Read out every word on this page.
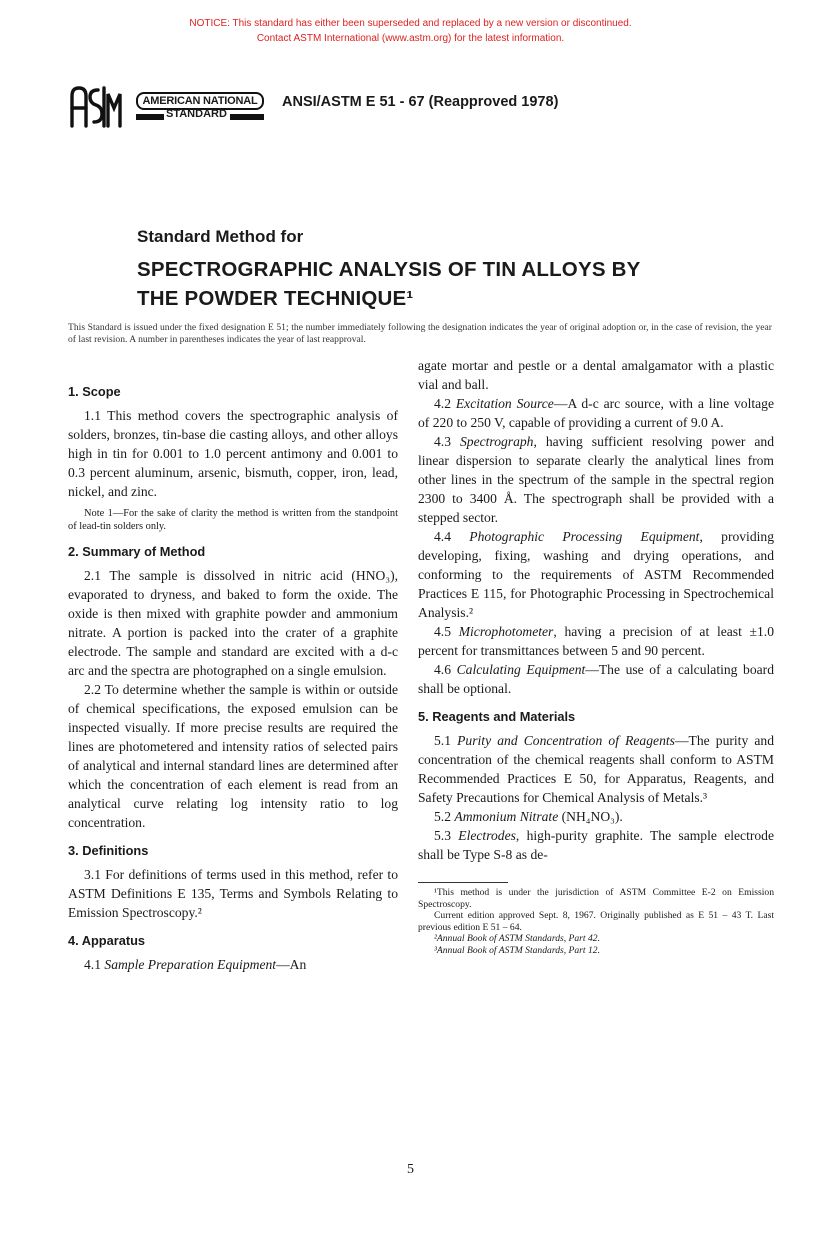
NOTICE: This standard has either been superseded and replaced by a new version or discontinued.
Contact ASTM International (www.astm.org) for the latest information.
AMERICAN NATIONAL
STANDARD
ANSI/ASTM E 51 - 67 (Reapproved 1978)

Standard Method for

SPECTROGRAPHIC ANALYSIS OF TIN ALLOYS BY

THE POWDER TECHNIQUE¹

This Standard is issued under the fixed designation E 51; the number immediately following the designation indicates the year of original adoption or, in the case of revision, the year of last revision. A number in parentheses indicates the year of last reapproval.
1. Scope

1.1 This method covers the spectrographic analysis of solders, bronzes, tin-base die casting alloys, and other alloys high in tin for 0.001 to 1.0 percent antimony and 0.001 to 0.3 percent aluminum, arsenic, bismuth, copper, iron, lead, nickel, and zinc.

Note 1—For the sake of clarity the method is written from the standpoint of lead-tin solders only.

2. Summary of Method

2.1 The sample is dissolved in nitric acid (HNO₃), evaporated to dryness, and baked to form the oxide. The oxide is then mixed with graphite powder and ammonium nitrate. A portion is packed into the crater of a graphite electrode. The sample and standard are excited with a d-c arc and the spectra are photographed on a single emulsion.

2.2 To determine whether the sample is within or outside of chemical specifications, the exposed emulsion can be inspected visually. If more precise results are required the lines are photometered and intensity ratios of selected pairs of analytical and internal standard lines are determined after which the concentration of each element is read from an analytical curve relating log intensity ratio to log concentration.

3. Definitions

3.1 For definitions of terms used in this method, refer to ASTM Definitions E 135, Terms and Symbols Relating to Emission Spectroscopy.²

4. Apparatus

4.1 Sample Preparation Equipment—An

agate mortar and pestle or a dental amalgamator with a plastic vial and ball.

4.2 Excitation Source—A d-c arc source, with a line voltage of 220 to 250 V, capable of providing a current of 9.0 A.

4.3 Spectrograph, having sufficient resolving power and linear dispersion to separate clearly the analytical lines from other lines in the spectrum of the sample in the spectral region 2300 to 3400 Å. The spectrograph shall be provided with a stepped sector.

4.4 Photographic Processing Equipment, providing developing, fixing, washing and drying operations, and conforming to the requirements of ASTM Recommended Practices E 115, for Photographic Processing in Spectrochemical Analysis.²

4.5 Microphotometer, having a precision of at least ±1.0 percent for transmittances between 5 and 90 percent.

4.6 Calculating Equipment—The use of a calculating board shall be optional.

5. Reagents and Materials

5.1 Purity and Concentration of Reagents—The purity and concentration of the chemical reagents shall conform to ASTM Recommended Practices E 50, for Apparatus, Reagents, and Safety Precautions for Chemical Analysis of Metals.³

5.2 Ammonium Nitrate (NH₄NO₃).

5.3 Electrodes, high-purity graphite. The sample electrode shall be Type S-8 as de-

¹This method is under the jurisdiction of ASTM Committee E-2 on Emission Spectroscopy.

Current edition approved Sept. 8, 1967. Originally published as E 51 – 43 T. Last previous edition E 51 – 64.

²Annual Book of ASTM Standards, Part 42.

³Annual Book of ASTM Standards, Part 12.

5
